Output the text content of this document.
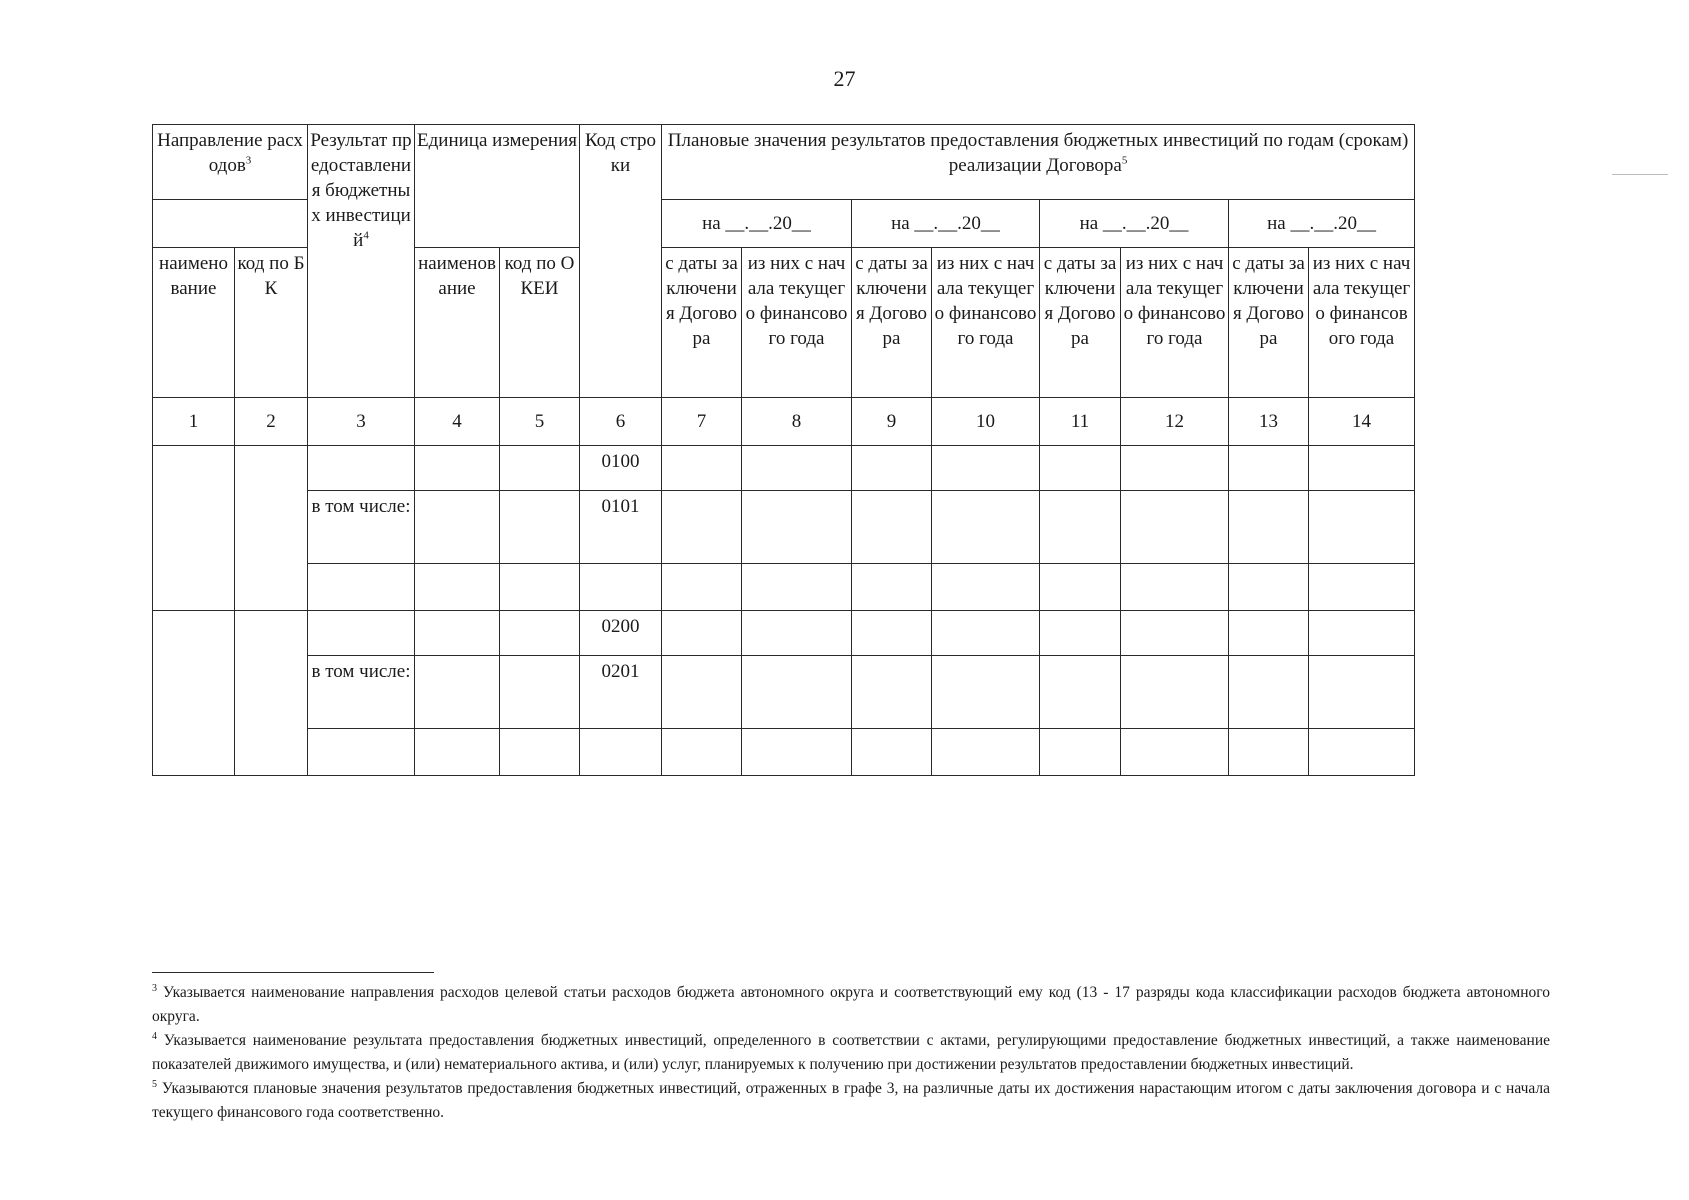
27
Направление расходов$^3$		Результат предоставления бюджетных инвестиций$^4$	Единица измерения		Код строки	Плановые значения результатов предоставления бюджетных инвестиций по годам (срокам) реализации Договора$^5$
						на __.__.20__		на __.__.20__		на __.__.20__		на __.__.20__	
наименование	код по БК		наименование	код по ОКЕИ		с даты заключения Договора	из них с начала текущего финансового года	с даты заключения Договора	из них с начала текущего финансового года	с даты заключения Договора	из них с начала текущего финансового года	с даты заключения Договора	из них с начала текущего финансового года
1	2	3	4	5	6	7	8	9	10	11	12	13	14
					0100								
		в том числе:			0101								

					0200								
		в том числе:			0201								

$^3$ Указывается наименование направления расходов целевой статьи расходов бюджета автономного округа и соответствующий ему код (13 - 17 разряды кода классификации расходов бюджета автономного округа.

$^4$ Указывается наименование результата предоставления бюджетных инвестиций, определенного в соответствии с актами, регулирующими предоставление бюджетных инвестиций, а также наименование показателей движимого имущества, и (или) нематериального актива, и (или) услуг, планируемых к получению при достижении результатов предоставлении бюджетных инвестиций.

$^5$ Указываются плановые значения результатов предоставления бюджетных инвестиций, отраженных в графе 3, на различные даты их достижения нарастающим итогом с даты заключения договора и с начала текущего финансового года соответственно.
